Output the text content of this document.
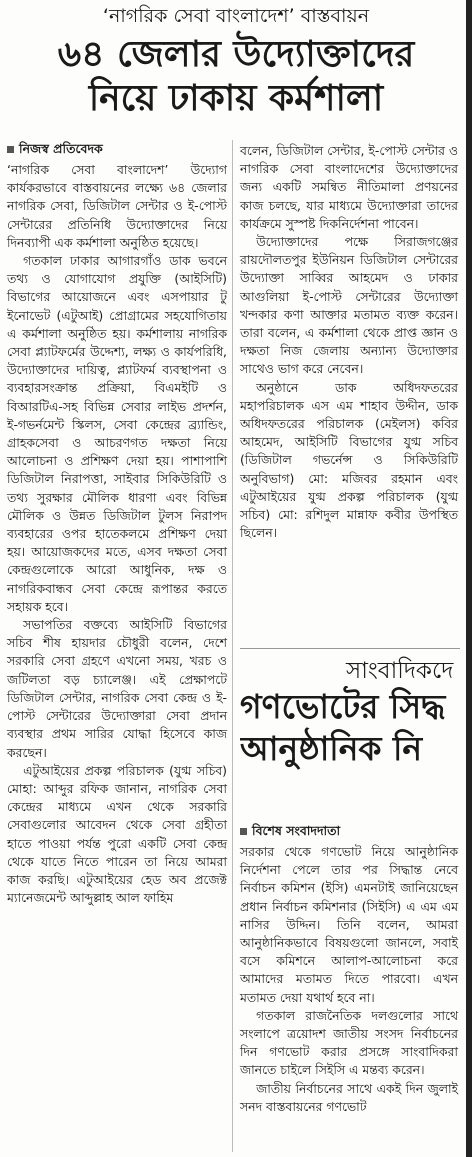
‘নাগরিক সেবা বাংলাদেশ’ বাস্তবায়ন
৬৪ জেলার উদ্যোক্তাদের
নিয়ে ঢাকায় কর্মশালা
নিজস্ব প্রতিবেদক

‘নাগরিক সেবা বাংলাদেশ’ উদ্যোগ কার্যকরভাবে বাস্তবায়নের লক্ষ্যে ৬৪ জেলার নাগরিক সেবা, ডিজিটাল সেন্টার ও ই-পোস্ট সেন্টারের প্রতিনিধি উদ্যোক্তাদের নিয়ে দিনব্যাপী এক কর্মশালা অনুষ্ঠিত হয়েছে।

গতকাল ঢাকার আগারগাঁও ডাক ভবনে তথ্য ও যোগাযোগ প্রযুক্তি (আইসিটি) বিভাগের আয়োজনে এবং এসপায়ার টু ইনোভেট (এটুআই) প্রোগ্রামের সহযোগিতায় এ কর্মশালা অনুষ্ঠিত হয়। কর্মশালায় নাগরিক সেবা প্ল্যাটফর্মের উদ্দেশ্য, লক্ষ্য ও কার্যপরিধি, উদ্যোক্তাদের দায়িত্ব, প্ল্যাটফর্ম ব্যবস্থাপনা ও ব্যবহারসংক্রান্ত প্রক্রিয়া, বিএমইটি ও বিআরটিএ-সহ বিভিন্ন সেবার লাইভ প্রদর্শন, ই-গভর্নমেন্ট স্কিলস, সেবা কেন্দ্রের ব্র্যান্ডিং, গ্রাহকসেবা ও আচরণগত দক্ষতা নিয়ে আলোচনা ও প্রশিক্ষণ দেয়া হয়। পাশাপাশি ডিজিটাল নিরাপত্তা, সাইবার সিকিউরিটি ও তথ্য সুরক্ষার মৌলিক ধারণা এবং বিভিন্ন মৌলিক ও উন্নত ডিজিটাল টুলস নিরাপদ ব্যবহারের ওপর হাতেকলমে প্রশিক্ষণ দেয়া হয়। আয়োজকদের মতে, এসব দক্ষতা সেবা কেন্দ্রগুলোকে আরো আধুনিক, দক্ষ ও নাগরিকবান্ধব সেবা কেন্দ্রে রূপান্তর করতে সহায়ক হবে।

সভাপতির বক্তব্যে আইসিটি বিভাগের সচিব শীষ হায়দার চৌধুরী বলেন, দেশে সরকারি সেবা গ্রহণে এখনো সময়, খরচ ও জটিলতা বড় চ্যালেঞ্জ। এই প্রেক্ষাপটে ডিজিটাল সেন্টার, নাগরিক সেবা কেন্দ্র ও ই-পোস্ট সেন্টারের উদ্যোক্তারা সেবা প্রদান ব্যবস্থার প্রথম সারির যোদ্ধা হিসেবে কাজ করছেন।

এটুআইয়ের প্রকল্প পরিচালক (যুগ্ম সচিব) মোহা: আব্দুর রফিক জানান, নাগরিক সেবা কেন্দ্রের মাধ্যমে এখন থেকে সরকারি সেবাগুলোর আবেদন থেকে সেবা গ্রহীতা হাতে পাওয়া পর্যন্ত পুরো একটি সেবা কেন্দ্র থেকে যাতে নিতে পারেন তা নিয়ে আমরা কাজ করছি। এটুআইয়ের হেড অব প্রজেক্ট ম্যানেজমেন্ট আব্দুল্লাহ আল ফাহিম

বলেন, ডিজিটাল সেন্টার, ই-পোস্ট সেন্টার ও নাগরিক সেবা বাংলাদেশের উদ্যোক্তাদের জন্য একটি সমন্বিত নীতিমালা প্রণয়নের কাজ চলছে, যার মাধ্যমে উদ্যোক্তারা তাদের কার্যক্রমে সুস্পষ্ট দিকনির্দেশনা পাবেন।

উদ্যোক্তাদের পক্ষে সিরাজগঞ্জের রায়দৌলতপুর ইউনিয়ন ডিজিটাল সেন্টারের উদ্যোক্তা সাব্বির আহমেদ ও ঢাকার আগুলিয়া ই-পোস্ট সেন্টারের উদ্যোক্তা খন্দকার কণা আক্তার মতামত ব্যক্ত করেন। তারা বলেন, এ কর্মশালা থেকে প্রাপ্ত জ্ঞান ও দক্ষতা নিজ জেলায় অন্যান্য উদ্যোক্তার সাথেও ভাগ করে নেবেন।

অনুষ্ঠানে ডাক অধিদফতরের মহাপরিচালক এস এম শাহাব উদ্দীন, ডাক অধিদফতরের পরিচালক (মেইলস) কবির আহমেদ, আইসিটি বিভাগের যুগ্ম সচিব (ডিজিটাল গভর্নেন্স ও সিকিউরিটি অনুবিভাগ) মো: মজিবর রহমান এবং এটুআইয়ের যুগ্ম প্রকল্প পরিচালক (যুগ্ম সচিব) মো: রশিদুল মান্নাফ কবীর উপস্থিত ছিলেন।

সাংবাদিকদে
গণভোটের সিদ্ধ
আনুষ্ঠানিক নি
বিশেষ সংবাদদাতা

সরকার থেকে গণভোট নিয়ে আনুষ্ঠানিক নির্দেশনা পেলে তার পর সিদ্ধান্ত নেবে নির্বাচন কমিশন (ইসি) এমনটাই জানিয়েছেন প্রধান নির্বাচন কমিশনার (সিইসি) এ এম এম নাসির উদ্দিন। তিনি বলেন, আমরা আনুষ্ঠানিকভাবে বিষয়গুলো জানলে, সবাই বসে কমিশনে আলাপ-আলোচনা করে আমাদের মতামত দিতে পারবো। এখন মতামত দেয়া যথার্থ হবে না।

গতকাল রাজনৈতিক দলগুলোর সাথে সংলাপে ত্রয়োদশ জাতীয় সংসদ নির্বাচনের দিন গণভোট করার প্রসঙ্গে সাংবাদিকরা জানতে চাইলে সিইসি এ মন্তব্য করেন।

জাতীয় নির্বাচনের সাথে একই দিন জুলাই সনদ বাস্তবায়নের গণভোট
